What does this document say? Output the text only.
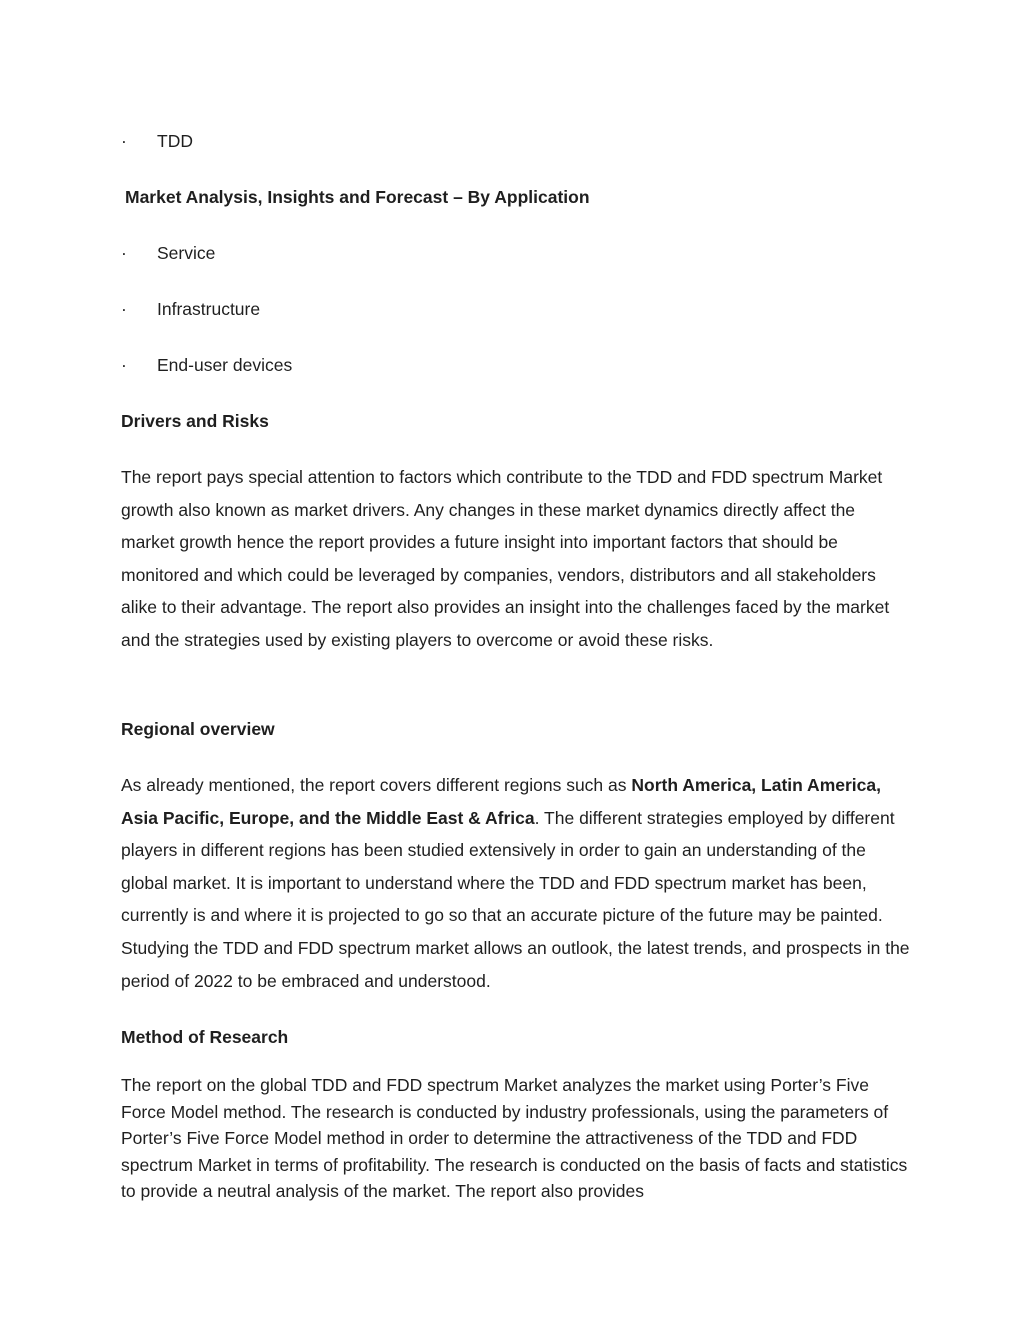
· TDD
Market Analysis, Insights and Forecast – By Application
· Service
· Infrastructure
· End-user devices
Drivers and Risks

The report pays special attention to factors which contribute to the TDD and FDD spectrum Market growth also known as market drivers. Any changes in these market dynamics directly affect the market growth hence the report provides a future insight into important factors that should be monitored and which could be leveraged by companies, vendors, distributors and all stakeholders alike to their advantage. The report also provides an insight into the challenges faced by the market and the strategies used by existing players to overcome or avoid these risks.

Regional overview

As already mentioned, the report covers different regions such as North America, Latin America, Asia Pacific, Europe, and the Middle East & Africa. The different strategies employed by different players in different regions has been studied extensively in order to gain an understanding of the global market. It is important to understand where the TDD and FDD spectrum market has been, currently is and where it is projected to go so that an accurate picture of the future may be painted. Studying the TDD and FDD spectrum market allows an outlook, the latest trends, and prospects in the period of 2022 to be embraced and understood.

Method of Research

The report on the global TDD and FDD spectrum Market analyzes the market using Porter’s Five Force Model method. The research is conducted by industry professionals, using the parameters of Porter’s Five Force Model method in order to determine the attractiveness of the TDD and FDD spectrum Market in terms of profitability. The research is conducted on the basis of facts and statistics to provide a neutral analysis of the market. The report also provides
